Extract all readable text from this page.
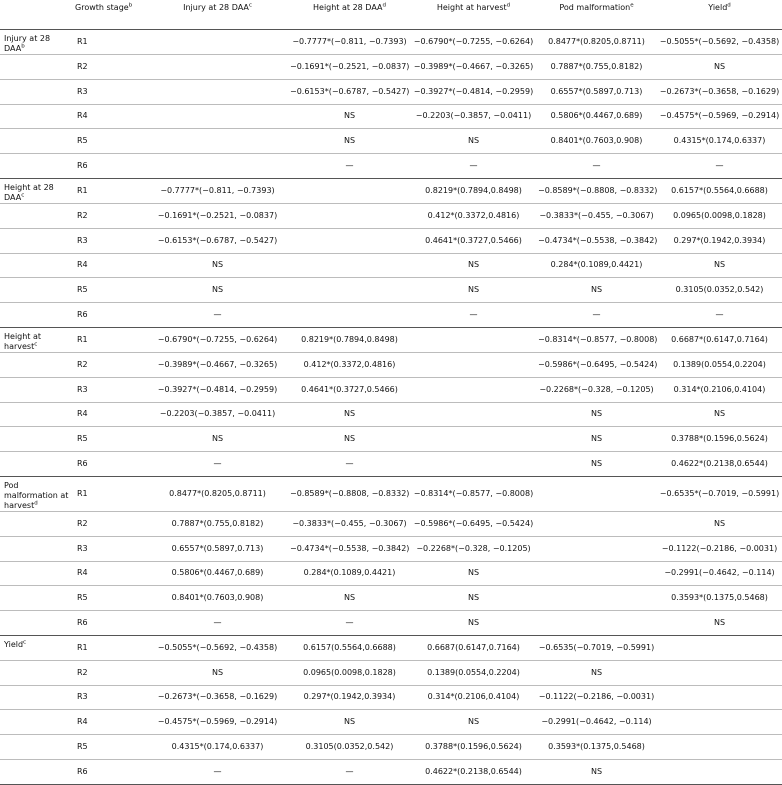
	Growth stage$^b$	Injury at 28 DAA$^c$	Height at 28 DAA$^d$	Height at harvest$^d$	Pod malformation$^e$	Yield$^d$
Injury at 28 DAA$^b$	R1		−0.7777*(−0.811, −0.7393)	−0.6790*(−0.7255, −0.6264)	0.8477*(0.8205,0.8711)	−0.5055*(−0.5692, −0.4358)
	R2		−0.1691*(−0.2521, −0.0837)	−0.3989*(−0.4667, −0.3265)	0.7887*(0.755,0.8182)	NS
	R3		−0.6153*(−0.6787, −0.5427)	−0.3927*(−0.4814, −0.2959)	0.6557*(0.5897,0.713)	−0.2673*(−0.3658, −0.1629)
	R4		NS	−0.2203(−0.3857, −0.0411)	0.5806*(0.4467,0.689)	−0.4575*(−0.5969, −0.2914)
	R5		NS	NS	0.8401*(0.7603,0.908)	0.4315*(0.174,0.6337)
	R6		—	—	—	—
Height at 28 DAA$^c$	R1	−0.7777*(−0.811, −0.7393)		0.8219*(0.7894,0.8498)	−0.8589*(−0.8808, −0.8332)	0.6157*(0.5564,0.6688)
	R2	−0.1691*(−0.2521, −0.0837)		0.412*(0.3372,0.4816)	−0.3833*(−0.455, −0.3067)	0.0965(0.0098,0.1828)
	R3	−0.6153*(−0.6787, −0.5427)		0.4641*(0.3727,0.5466)	−0.4734*(−0.5538, −0.3842)	0.297*(0.1942,0.3934)
	R4	NS		NS	0.284*(0.1089,0.4421)	NS
	R5	NS		NS	NS	0.3105(0.0352,0.542)
	R6	—		—	—	—
Height at harvest$^c$	R1	−0.6790*(−0.7255, −0.6264)	0.8219*(0.7894,0.8498)		−0.8314*(−0.8577, −0.8008)	0.6687*(0.6147,0.7164)
	R2	−0.3989*(−0.4667, −0.3265)	0.412*(0.3372,0.4816)		−0.5986*(−0.6495, −0.5424)	0.1389(0.0554,0.2204)
	R3	−0.3927*(−0.4814, −0.2959)	0.4641*(0.3727,0.5466)		−0.2268*(−0.328, −0.1205)	0.314*(0.2106,0.4104)
	R4	−0.2203(−0.3857, −0.0411)	NS		NS	NS
	R5	NS	NS		NS	0.3788*(0.1596,0.5624)
	R6	—	—		NS	0.4622*(0.2138,0.6544)
Pod malformation at harvest$^d$	R1	0.8477*(0.8205,0.8711)	−0.8589*(−0.8808, −0.8332)	−0.8314*(−0.8577, −0.8008)		−0.6535*(−0.7019, −0.5991)
	R2	0.7887*(0.755,0.8182)	−0.3833*(−0.455, −0.3067)	−0.5986*(−0.6495, −0.5424)		NS
	R3	0.6557*(0.5897,0.713)	−0.4734*(−0.5538, −0.3842)	−0.2268*(−0.328, −0.1205)		−0.1122(−0.2186, −0.0031)
	R4	0.5806*(0.4467,0.689)	0.284*(0.1089,0.4421)	NS		−0.2991(−0.4642, −0.114)
	R5	0.8401*(0.7603,0.908)	NS	NS		0.3593*(0.1375,0.5468)
	R6	—	—	NS		NS
Yield$^c$	R1	−0.5055*(−0.5692, −0.4358)	0.6157(0.5564,0.6688)	0.6687(0.6147,0.7164)	−0.6535(−0.7019, −0.5991)	
	R2	NS	0.0965(0.0098,0.1828)	0.1389(0.0554,0.2204)	NS	
	R3	−0.2673*(−0.3658, −0.1629)	0.297*(0.1942,0.3934)	0.314*(0.2106,0.4104)	−0.1122(−0.2186, −0.0031)	
	R4	−0.4575*(−0.5969, −0.2914)	NS	NS	−0.2991(−0.4642, −0.114)	
	R5	0.4315*(0.174,0.6337)	0.3105(0.0352,0.542)	0.3788*(0.1596,0.5624)	0.3593*(0.1375,0.5468)	
	R6	—	—	0.4622*(0.2138,0.6544)	NS	
